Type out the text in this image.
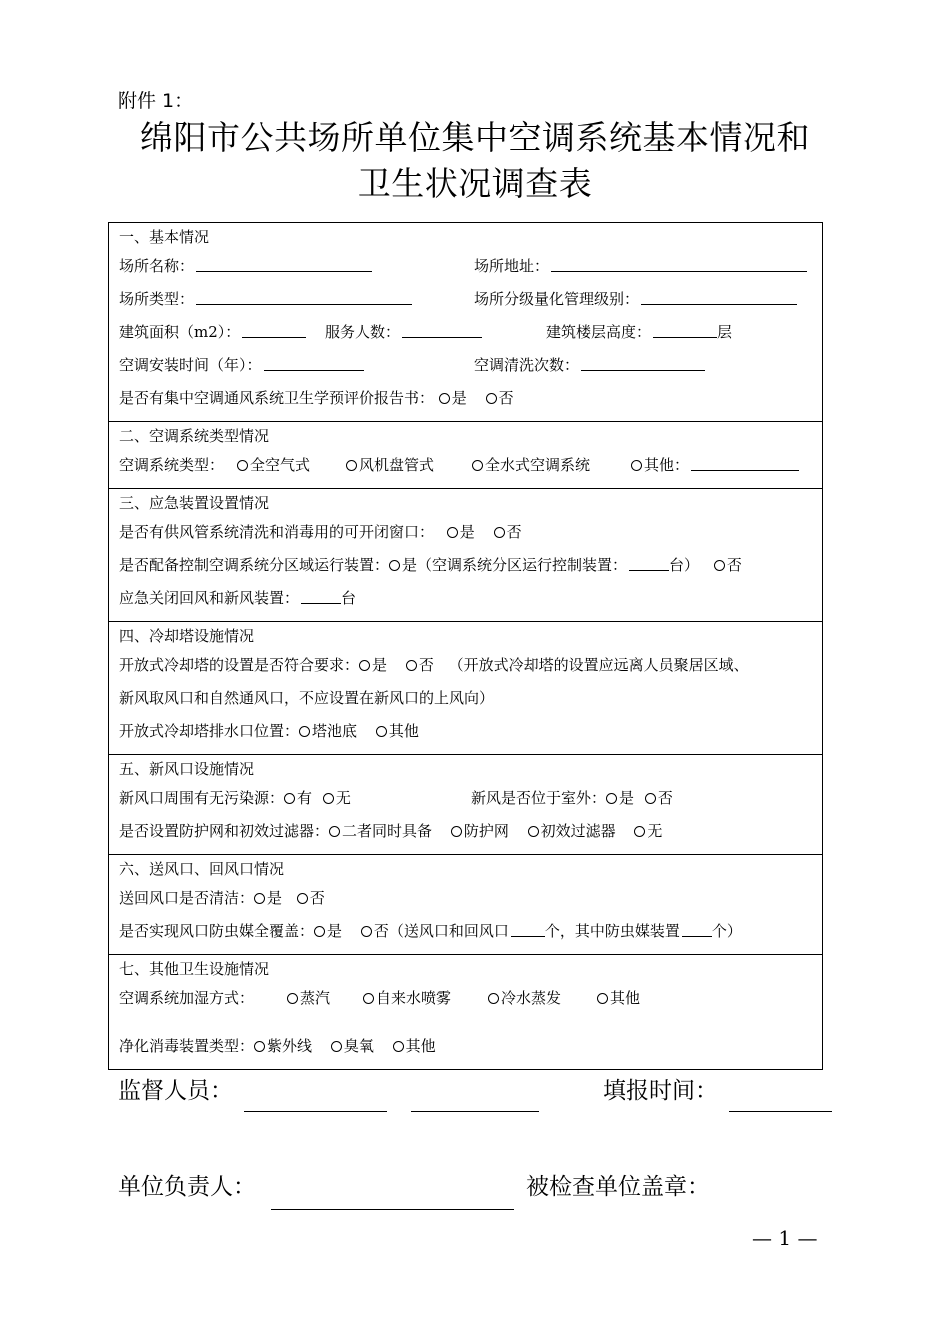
附件 1：
绵阳市公共场所单位集中空调系统基本情况和
卫生状况调查表
一、基本情况
场所名称：	场所地址：
场所类型：	场所分级量化管理级别：
建筑面积（m2）：	服务人数：	建筑楼层高度：	层
空调安装时间（年）：	空调清洗次数：
是否有集中空调通风系统卫生学预评价报告书： 是 否
二、空调系统类型情况
空调系统类型：	全空气式	风机盘管式	全水式空调系统	其他：
三、应急装置设置情况
是否有供风管系统清洗和消毒用的可开闭窗口： 是 否
是否配备控制空调系统分区域运行装置： 是（空调系统分区运行控制装置：	台） 否
应急关闭回风和新风装置：	台
四、冷却塔设施情况
开放式冷却塔的设置是否符合要求： 是 否 （开放式冷却塔的设置应远离人员聚居区域、
新风取风口和自然通风口，不应设置在新风口的上风向）
开放式冷却塔排水口位置： 塔池底 其他
五、新风口设施情况
新风口周围有无污染源： 有 无	新风是否位于室外： 是 否
是否设置防护网和初效过滤器： 二者同时具备 防护网 初效过滤器 无
六、送风口、回风口情况
送回风口是否清洁： 是 否
是否实现风口防虫媒全覆盖： 是 否（送风口和回风口 个，其中防虫媒装置 个）
七、其他卫生设施情况
空调系统加湿方式：	蒸汽	自来水喷雾	冷水蒸发	其他
净化消毒装置类型： 紫外线 臭氧 其他
监督人员：	填报时间：
单位负责人：	被检查单位盖章：
— 1 —
